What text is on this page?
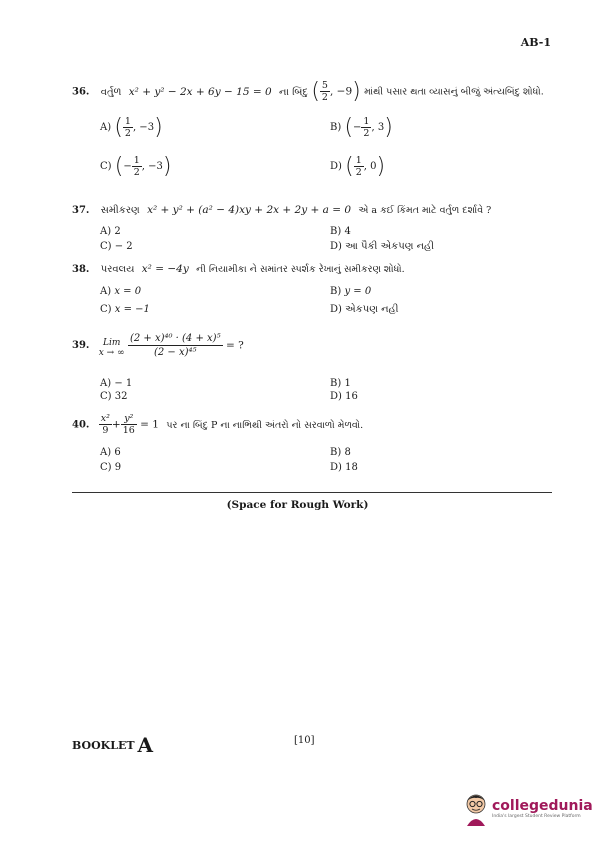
AB-1
36. વર્તુળ x² + y² − 2x + 6y − 15 = 0 ના બિંદુ ( $\frac{5}{2}$ , −9) માંથી પસાર થતા વ્યાસનું બીજું અંત્યબિંદુ શોધો.
A) ( $\frac{1}{2}$ , −3)	B) (− $\frac{1}{2}$ , 3)
C) (− $\frac{1}{2}$ , −3)	D) ( $\frac{1}{2}$ , 0)
37. સમીકરણ x² + y² + (a² − 4)xy + 2x + 2y + a = 0 એ a કઈ કિંમત માટે વર્તુળ દર્શાવે ?
A) 2	B) 4
C) − 2	D) આ પૈકી એકપણ નહી
38. પરવલય x² = −4y ની નિયામીકા ને સમાંતર સ્પર્શક રેખાનું સમીકરણ શોધો.
A) x = 0	B) y = 0
C) x = −1	D) એકપણ નહી
39.	Lim
x → ∞
$\frac{\text{(2 + x)⁴⁰ · (4 + x)⁵}}{\text{(2 − x)⁴⁵}}$ = ?
A) − 1	B) 1
C) 32	D) 16
40. $\frac{\text{x²}}{9} + \frac{\text{y²}}{16} = 1$ પર ના બિંદુ P ના નાભિથી અંતરો નો સરવાળો મેળવો.
A) 6	B) 8
C) 9	D) 18
(Space for Rough Work)
BOOKLET A	[10]
collegedunia
India's largest Student Review Platform
